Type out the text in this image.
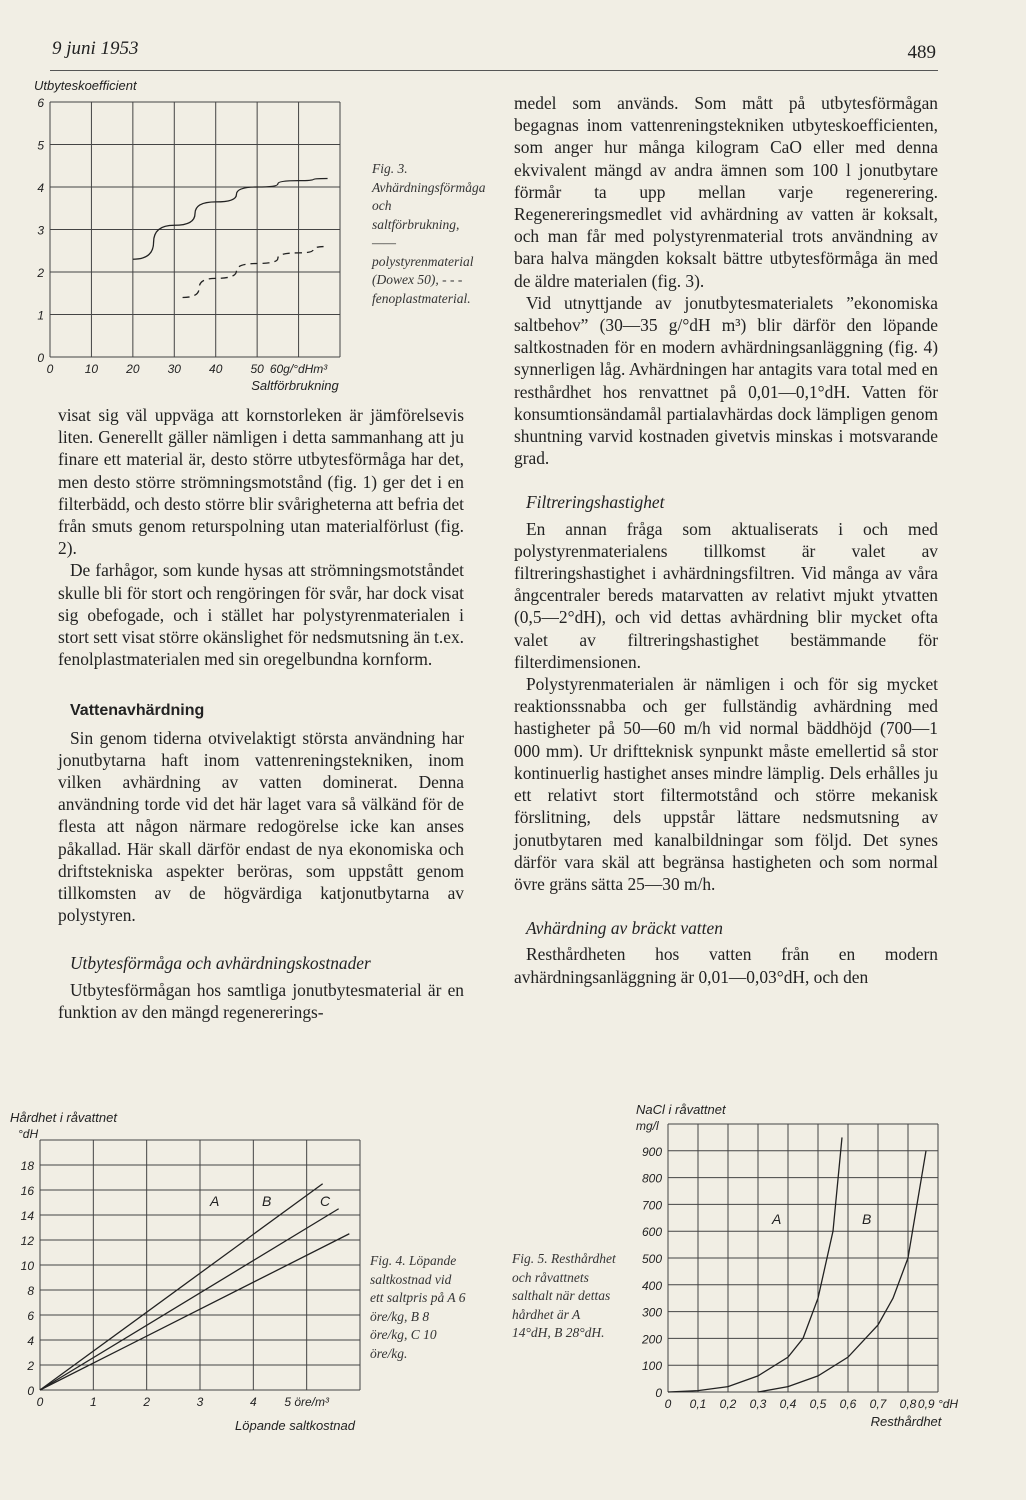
9 juni 1953	489
0
1
2
3
4
5
6
0	10 20 30 40 50 60g/°dHm³
Utbyteskoefficient
Saltförbrukning
Fig. 3. Avhärdningsförmåga och saltförbrukning, —— polystyrenmaterial (Dowex 50), - - - fenoplastmaterial.

visat sig väl uppväga att kornstorleken är jämförelsevis liten. Generellt gäller nämligen i detta sammanhang att ju finare ett material är, desto större utbytesförmåga har det, men desto större strömningsmotstånd (fig. 1) ger det i en filterbädd, och desto större blir svårigheterna att befria det från smuts genom returspolning utan materialförlust (fig. 2).

De farhågor, som kunde hysas att strömningsmotståndet skulle bli för stort och rengöringen för svår, har dock visat sig obefogade, och i stället har polystyrenmaterialen i stort sett visat större okänslighet för nedsmutsning än t.ex. fenolplastmaterialen med sin oregelbundna kornform.

Vattenavhärdning

Sin genom tiderna otvivelaktigt största användning har jonutbytarna haft inom vattenreningstekniken, inom vilken avhärdning av vatten dominerat. Denna användning torde vid det här laget vara så välkänd för de flesta att någon närmare redogörelse icke kan anses påkallad. Här skall därför endast de nya ekonomiska och driftstekniska aspekter beröras, som uppstått genom tillkomsten av de högvärdiga katjonutbytarna av polystyren.

Utbytesförmåga och avhärdningskostnader

Utbytesförmågan hos samtliga jonutbytesmaterial är en funktion av den mängd regenererings-

medel som används. Som mått på utbytesförmågan begagnas inom vattenreningstekniken utbyteskoefficienten, som anger hur många kilogram CaO eller med denna ekvivalent mängd av andra ämnen som 100 l jonutbytare förmår ta upp mellan varje regenerering. Regenereringsmedlet vid avhärdning av vatten är koksalt, och man får med polystyrenmaterial trots användning av bara halva mängden koksalt bättre utbytesförmåga än med de äldre materialen (fig. 3).

Vid utnyttjande av jonutbytesmaterialets ”ekonomiska saltbehov” (30—35 g/°dH m³) blir därför den löpande saltkostnaden för en modern avhärdningsanläggning (fig. 4) synnerligen låg. Avhärdningen har antagits vara total med en resthårdhet hos renvattnet på 0,01—0,1°dH. Vatten för konsumtionsändamål partialavhärdas dock lämpligen genom shuntning varvid kostnaden givetvis minskas i motsvarande grad.

Filtreringshastighet

En annan fråga som aktualiserats i och med polystyrenmaterialens tillkomst är valet av filtreringshastighet i avhärdningsfiltren. Vid många av våra ångcentraler bereds matarvatten av relativt mjukt ytvatten (0,5—2°dH), och vid dettas avhärdning blir mycket ofta valet av filtreringshastighet bestämmande för filterdimensionen.

Polystyrenmaterialen är nämligen i och för sig mycket reaktionssnabba och ger fullständig avhärdning med hastigheter på 50—60 m/h vid normal bäddhöjd (700—1 000 mm). Ur driftteknisk synpunkt måste emellertid så stor kontinuerlig hastighet anses mindre lämplig. Dels erhålles ju ett relativt stort filtermotstånd och större mekanisk förslitning, dels uppstår lättare nedsmutsning av jonutbytaren med kanalbildningar som följd. Det synes därför vara skäl att begränsa hastigheten och som normal övre gräns sätta 25—30 m/h.

Avhärdning av bräckt vatten

Resthårdheten hos vatten från en modern avhärdningsanläggning är 0,01—0,03°dH, och den

0
2
4
6
8
10
12
14
16
18
0	1	2	3	4 5 öre/m³
Hårdhet i råvattnet
°dH
Löpande saltkostnad
A	B	C
Fig. 4. Löpande saltkostnad vid ett saltpris på A 6 öre/kg, B 8 öre/kg, C 10 öre/kg.
Fig. 5. Resthårdhet och råvattnets salthalt när dettas hårdhet är A 14°dH, B 28°dH.
0
100
200
300
400
500
600
700
800
900
0 0,1 0,2 0,3 0,4 0,5 0,6 0,7 0,8 0,9 °dH
NaCl i råvattnet
mg/l
Resthårdhet
A	B
